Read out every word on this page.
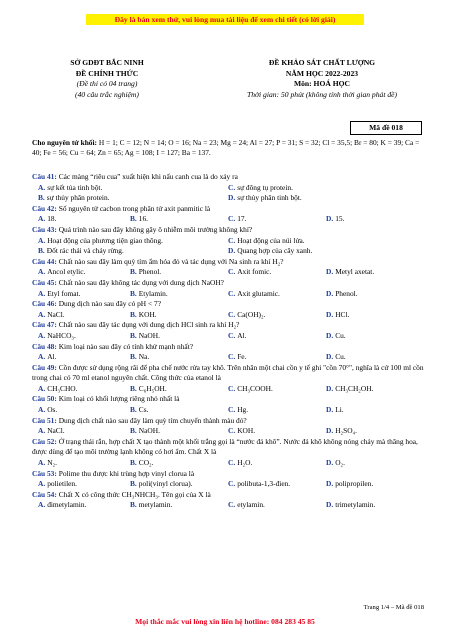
Đây là bản xem thử, vui lòng mua tài liệu để xem chi tiết (có lời giải)
SỞ GDĐT BẮC NINH
ĐỀ CHÍNH THỨC
(Đề thi có 04 trang)
(40 câu trắc nghiệm)
ĐỀ KHẢO SÁT CHẤT LƯỢNG
NĂM HỌC 2022-2023
Môn: HOÁ HỌC
Thời gian: 50 phút (không tính thời gian phát đề)
Mã đề 018
Cho nguyên tử khối: H = 1; C = 12; N = 14; O = 16; Na = 23; Mg = 24; Al = 27; P = 31; S = 32; Cl = 35,5; Br = 80; K = 39; Ca = 40; Fe = 56; Cu = 64; Zn = 65; Ag = 108; I = 127; Ba = 137.
Câu 41: Các màng “riêu cua” xuất hiện khi nấu canh cua là do xảy ra
A. sự kết tủa tinh bột.	C. sự đông tụ protein.
B. sự thủy phân protein.	D. sự thủy phân tinh bột.
Câu 42: Số nguyên tử cacbon trong phân tử axit panmitic là
A. 18.	B. 16.	C. 17.	D. 15.
Câu 43: Quá trình nào sau đây không gây ô nhiễm môi trường không khí?
A. Hoạt động của phương tiện giao thông.	C. Hoạt động của núi lửa.
B. Đốt rác thải và cháy rừng.	D. Quang hợp của cây xanh.
Câu 44: Chất nào sau đây làm quỳ tím ẩm hóa đỏ và tác dụng với Na sinh ra khí H₂?
A. Ancol etylic.	B. Phenol.	C. Axit fomic.	D. Metyl axetat.
Câu 45: Chất nào sau đây không tác dụng với dung dịch NaOH?
A. Etyl fomat.	B. Etylamin.	C. Axit glutamic.	D. Phenol.
Câu 46: Dung dịch nào sau đây có pH < 7?
A. NaCl.	B. KOH.	C. Ca(OH)₂.	D. HCl.
Câu 47: Chất nào sau đây tác dụng với dung dịch HCl sinh ra khí H₂?
A. NaHCO₃.	B. NaOH.	C. Al.	D. Cu.
Câu 48: Kim loại nào sau đây có tính khử mạnh nhất?
A. Al.	B. Na.	C. Fe.	D. Cu.
Câu 49: Cồn được sử dụng rộng rãi để pha chế nước rửa tay khô. Trên nhãn một chai cồn y tế ghi "cồn 70°", nghĩa là cứ 100 ml cồn trong chai có 70 ml etanol nguyên chất. Công thức của etanol là
A. CH₃CHO.	B. C₆H₅OH.	C. CH₃COOH.	D. CH₃CH₂OH.
Câu 50: Kim loại có khối lượng riêng nhỏ nhất là
A. Os.	B. Cs.	C. Hg.	D. Li.
Câu 51: Dung dịch chất nào sau đây làm quỳ tím chuyển thành màu đỏ?
A. NaCl.	B. NaOH.	C. KOH.	D. H₂SO₄.
Câu 52: Ở trạng thái rắn, hợp chất X tạo thành một khối trắng gọi là “nước đá khô”. Nước đá khô không nóng chảy mà thăng hoa, được dùng để tạo môi trường lạnh không có hơi ẩm. Chất X là
A. N₂.	B. CO₂.	C. H₂O.	D. O₂.
Câu 53: Polime thu được khi trùng hợp vinyl clorua là
A. polietilen.	B. poli(vinyl clorua).	C. polibuta-1,3-đien.	D. polipropilen.
Câu 54: Chất X có công thức CH₃NHCH₃. Tên gọi của X là
A. đimetylamin.	B. metylamin.	C. etylamin.	D. trimetylamin.
Trang 1/4 – Mã đề 018
Mọi thắc mắc vui lòng xin liên hệ hotline: 084 283 45 85
